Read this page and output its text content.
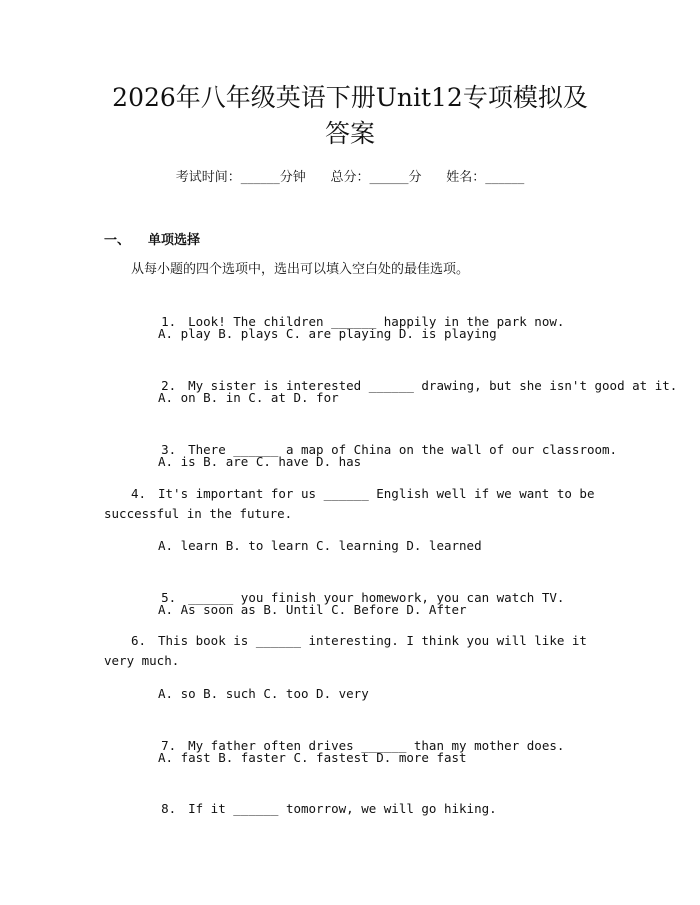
2026年八年级英语下册Unit12专项模拟及
答案
考试时间：______分钟      总分：______分      姓名：______
一、 单项选择
从每小题的四个选项中，选出可以填入空白处的最佳选项。

1. Look! The children ______ happily in the park now.

A. play B. plays C. are playing D. is playing

2. My sister is interested ______ drawing, but she isn't good at it.

A. on B. in C. at D. for

3. There ______ a map of China on the wall of our classroom.

A. is B. are C. have D. has
4. It's important for us ______ English well if we want to be successful in the future.
A. learn B. to learn C. learning D. learned

5. ______ you finish your homework, you can watch TV.

A. As soon as B. Until C. Before D. After
6. This book is ______ interesting. I think you will like it very much.
A. so B. such C. too D. very

7. My father often drives ______ than my mother does.

A. fast B. faster C. fastest D. more fast

8. If it ______ tomorrow, we will go hiking.
